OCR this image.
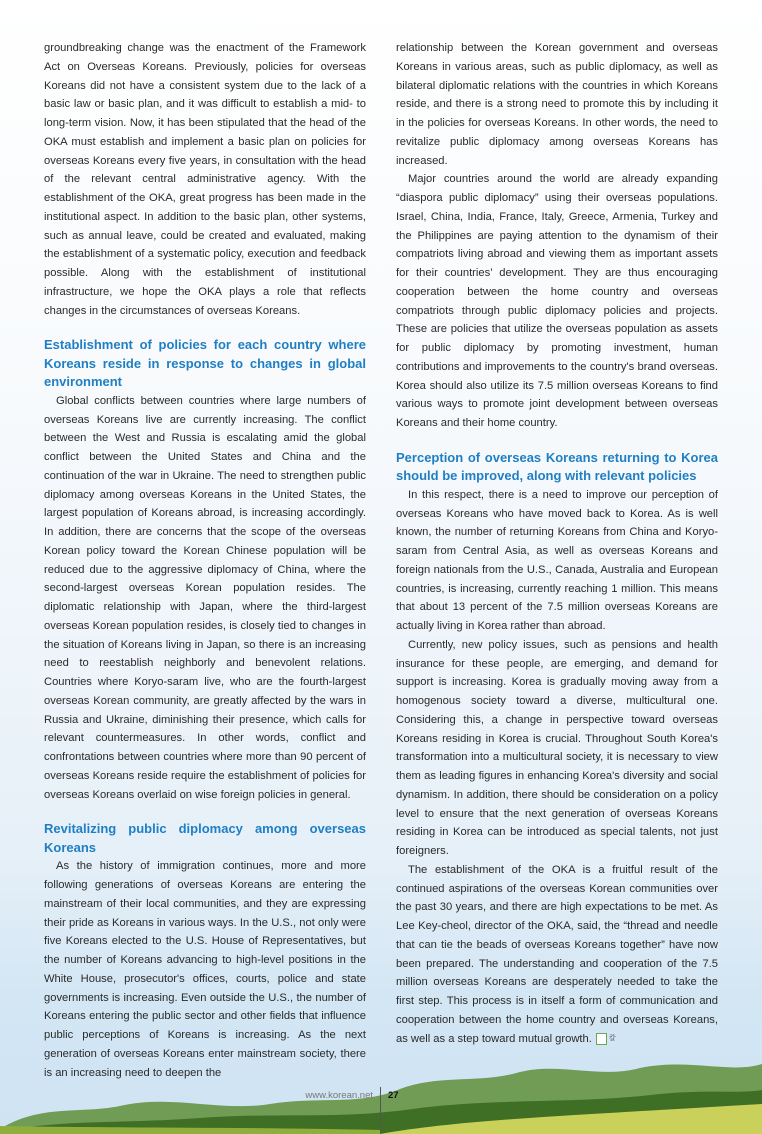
groundbreaking change was the enactment of the Framework Act on Overseas Koreans. Previously, policies for overseas Koreans did not have a consistent system due to the lack of a basic law or basic plan, and it was difficult to establish a mid- to long-term vision. Now, it has been stipulated that the head of the OKA must establish and implement a basic plan on policies for overseas Koreans every five years, in consultation with the head of the relevant central administrative agency. With the establishment of the OKA, great progress has been made in the institutional aspect. In addition to the basic plan, other systems, such as annual leave, could be created and evaluated, making the establishment of a systematic policy, execution and feedback possible. Along with the establishment of institutional infrastructure, we hope the OKA plays a role that reflects changes in the circumstances of overseas Koreans.

Establishment of policies for each country where Koreans reside in response to changes in global environment

Global conflicts between countries where large numbers of overseas Koreans live are currently increasing. The conflict between the West and Russia is escalating amid the global conflict between the United States and China and the continuation of the war in Ukraine. The need to strengthen public diplomacy among overseas Koreans in the United States, the largest population of Koreans abroad, is increasing accordingly. In addition, there are concerns that the scope of the overseas Korean policy toward the Korean Chinese population will be reduced due to the aggressive diplomacy of China, where the second-largest overseas Korean population resides. The diplomatic relationship with Japan, where the third-largest overseas Korean population resides, is closely tied to changes in the situation of Koreans living in Japan, so there is an increasing need to reestablish neighborly and benevolent relations. Countries where Koryo-saram live, who are the fourth-largest overseas Korean community, are greatly affected by the wars in Russia and Ukraine, diminishing their presence, which calls for relevant countermeasures. In other words, conflict and confrontations between countries where more than 90 percent of overseas Koreans reside require the establishment of policies for overseas Koreans overlaid on wise foreign policies in general.

Revitalizing public diplomacy among overseas Koreans

As the history of immigration continues, more and more following generations of overseas Koreans are entering the mainstream of their local communities, and they are expressing their pride as Koreans in various ways. In the U.S., not only were five Koreans elected to the U.S. House of Representatives, but the number of Koreans advancing to high-level positions in the White House, prosecutor's offices, courts, police and state governments is increasing. Even outside the U.S., the number of Koreans entering the public sector and other fields that influence public perceptions of Koreans is increasing. As the next generation of overseas Koreans enter mainstream society, there is an increasing need to deepen the

relationship between the Korean government and overseas Koreans in various areas, such as public diplomacy, as well as bilateral diplomatic relations with the countries in which Koreans reside, and there is a strong need to promote this by including it in the policies for overseas Koreans. In other words, the need to revitalize public diplomacy among overseas Koreans has increased.

Major countries around the world are already expanding “diaspora public diplomacy” using their overseas populations. Israel, China, India, France, Italy, Greece, Armenia, Turkey and the Philippines are paying attention to the dynamism of their compatriots living abroad and viewing them as important assets for their countries’ development. They are thus encouraging cooperation between the home country and overseas compatriots through public diplomacy policies and projects. These are policies that utilize the overseas population as assets for public diplomacy by promoting investment, human contributions and improvements to the country's brand overseas. Korea should also utilize its 7.5 million overseas Koreans to find various ways to promote joint development between overseas Koreans and their home country.

Perception of overseas Koreans returning to Korea should be improved, along with relevant policies

In this respect, there is a need to improve our perception of overseas Koreans who have moved back to Korea. As is well known, the number of returning Koreans from China and Koryo-saram from Central Asia, as well as overseas Koreans and foreign nationals from the U.S., Canada, Australia and European countries, is increasing, currently reaching 1 million. This means that about 13 percent of the 7.5 million overseas Koreans are actually living in Korea rather than abroad.

Currently, new policy issues, such as pensions and health insurance for these people, are emerging, and demand for support is increasing. Korea is gradually moving away from a homogenous society toward a diverse, multicultural one. Considering this, a change in perspective toward overseas Koreans residing in Korea is crucial. Throughout South Korea's transformation into a multicultural society, it is necessary to view them as leading figures in enhancing Korea's diversity and social dynamism. In addition, there should be consideration on a policy level to ensure that the next generation of overseas Koreans residing in Korea can be introduced as special talents, not just foreigners.

The establishment of the OKA is a fruitful result of the continued aspirations of the overseas Korean communities over the past 30 years, and there are high expectations to be met. As Lee Key-cheol, director of the OKA, said, the “thread and needle that can tie the beads of overseas Koreans together” have now been prepared. The understanding and cooperation of the 7.5 million overseas Koreans are desperately needed to take the first step. This process is in itself a form of communication and cooperation between the home country and overseas Koreans, as well as a step toward mutual growth. 칼

www.korean.net 27
